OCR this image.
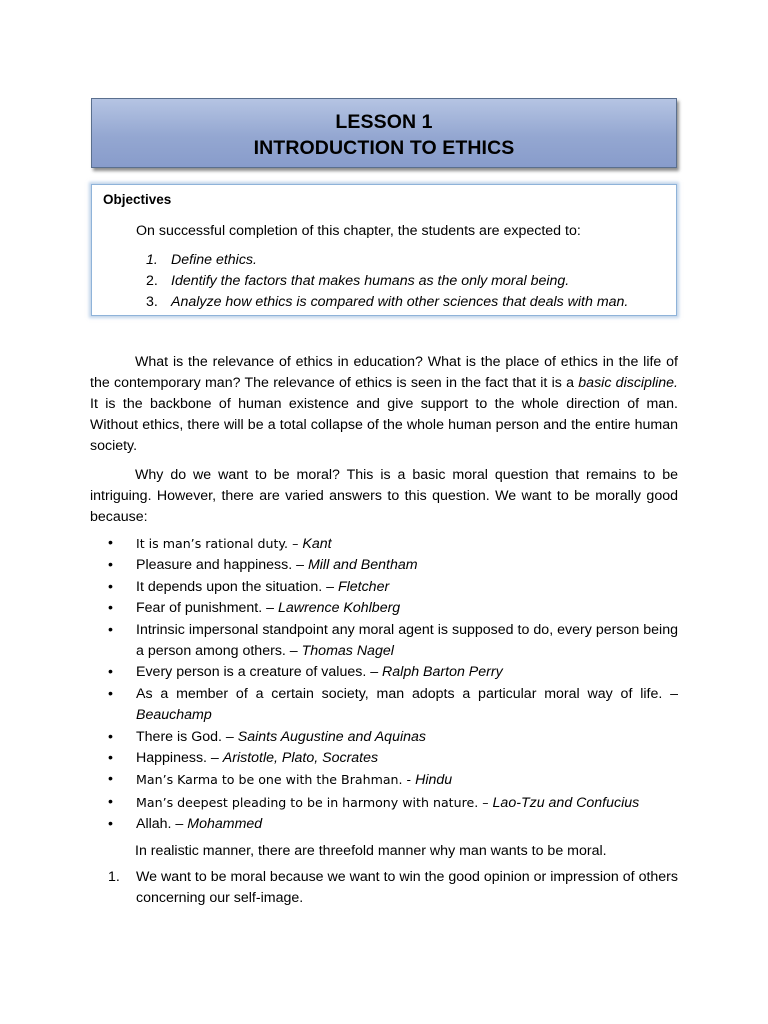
LESSON 1
INTRODUCTION TO ETHICS
Objectives
On successful completion of this chapter, the students are expected to:
1. Define ethics.
2. Identify the factors that makes humans as the only moral being.
3. Analyze how ethics is compared with other sciences that deals with man.

What is the relevance of ethics in education? What is the place of ethics in the life of the contemporary man? The relevance of ethics is seen in the fact that it is a basic discipline. It is the backbone of human existence and give support to the whole direction of man. Without ethics, there will be a total collapse of the whole human person and the entire human society.

Why do we want to be moral? This is a basic moral question that remains to be intriguing. However, there are varied answers to this question. We want to be morally good because:

• It is man’s rational duty. – Kant
• Pleasure and happiness. – Mill and Bentham
• It depends upon the situation. – Fletcher
• Fear of punishment. – Lawrence Kohlberg
• Intrinsic impersonal standpoint any moral agent is supposed to do, every person being a person among others. – Thomas Nagel
• Every person is a creature of values. – Ralph Barton Perry
• As a member of a certain society, man adopts a particular moral way of life. – Beauchamp
• There is God. – Saints Augustine and Aquinas
• Happiness. – Aristotle, Plato, Socrates
• Man’s Karma to be one with the Brahman. - Hindu
• Man’s deepest pleading to be in harmony with nature. – Lao-Tzu and Confucius
• Allah. – Mohammed
In realistic manner, there are threefold manner why man wants to be moral.
1. We want to be moral because we want to win the good opinion or impression of others concerning our self-image.
